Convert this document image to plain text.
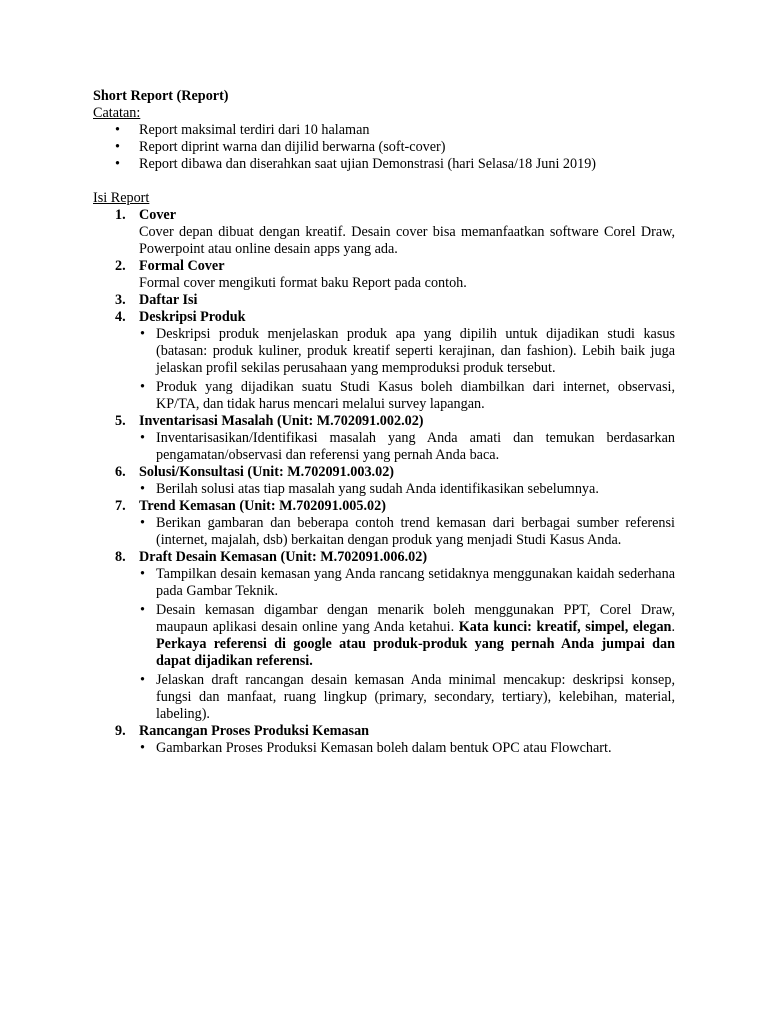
Short Report (Report)
Catatan:
• Report maksimal terdiri dari 10 halaman
• Report diprint warna dan dijilid berwarna (soft-cover)
• Report dibawa dan diserahkan saat ujian Demonstrasi (hari Selasa/18 Juni 2019)
Isi Report
1. Cover
Cover depan dibuat dengan kreatif. Desain cover bisa memanfaatkan software Corel Draw, Powerpoint atau online desain apps yang ada.
2. Formal Cover
Formal cover mengikuti format baku Report pada contoh.
3. Daftar Isi
4. Deskripsi Produk
• Deskripsi produk menjelaskan produk apa yang dipilih untuk dijadikan studi kasus (batasan: produk kuliner, produk kreatif seperti kerajinan, dan fashion). Lebih baik juga jelaskan profil sekilas perusahaan yang memproduksi produk tersebut.
• Produk yang dijadikan suatu Studi Kasus boleh diambilkan dari internet, observasi, KP/TA, dan tidak harus mencari melalui survey lapangan.
5. Inventarisasi Masalah (Unit: M.702091.002.02)
• Inventarisasikan/Identifikasi masalah yang Anda amati dan temukan berdasarkan pengamatan/observasi dan referensi yang pernah Anda baca.
6. Solusi/Konsultasi (Unit: M.702091.003.02)
• Berilah solusi atas tiap masalah yang sudah Anda identifikasikan sebelumnya.
7. Trend Kemasan (Unit: M.702091.005.02)
• Berikan gambaran dan beberapa contoh trend kemasan dari berbagai sumber referensi (internet, majalah, dsb) berkaitan dengan produk yang menjadi Studi Kasus Anda.
8. Draft Desain Kemasan (Unit: M.702091.006.02)
• Tampilkan desain kemasan yang Anda rancang setidaknya menggunakan kaidah sederhana pada Gambar Teknik.
• Desain kemasan digambar dengan menarik boleh menggunakan PPT, Corel Draw, maupaun aplikasi desain online yang Anda ketahui. Kata kunci: kreatif, simpel, elegan. Perkaya referensi di google atau produk-produk yang pernah Anda jumpai dan dapat dijadikan referensi.
• Jelaskan draft rancangan desain kemasan Anda minimal mencakup: deskripsi konsep, fungsi dan manfaat, ruang lingkup (primary, secondary, tertiary), kelebihan, material, labeling).
9. Rancangan Proses Produksi Kemasan
• Gambarkan Proses Produksi Kemasan boleh dalam bentuk OPC atau Flowchart.
